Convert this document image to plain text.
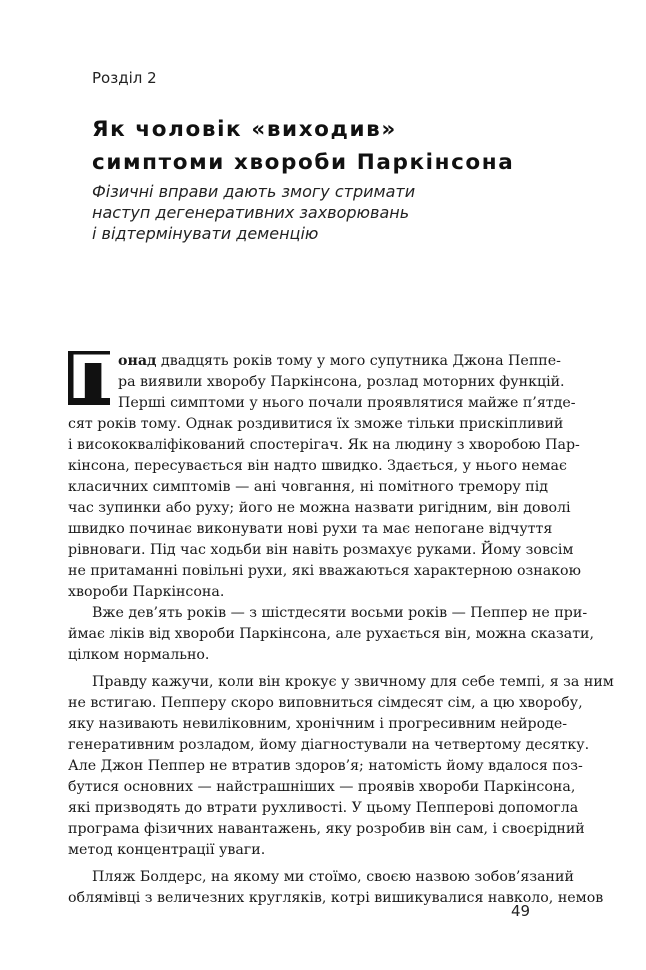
Розділ 2
Як чоловік «виходив»
симптоми хвороби Паркінсона
Фізичні вправи дають змогу стримати
наступ дегенеративних захворювань
і відтермінувати деменцію
П онад двадцять років тому у мого супутника Джона Пеппе-
ра виявили хворобу Паркінсона, розлад моторних функцій.
Перші симптоми у нього почали проявлятися майже п’ятде-
сят років тому. Однак роздивитися їх зможе тільки прискіпливий
і висококваліфікований спостерігач. Як на людину з хворобою Пар-
кінсона, пересувається він надто швидко. Здається, у нього немає
класичних симптомів — ані човгання, ні помітного тремору під
час зупинки або руху; його не можна назвати ригідним, він доволі
швидко починає виконувати нові рухи та має непогане відчуття
рівноваги. Під час ходьби він навіть розмахує руками. Йому зовсім
не притаманні повільні рухи, які вважаються характерною ознакою
хвороби Паркінсона.
Вже дев’ять років — з шістдесяти восьми років — Пеппер не при-
ймає ліків від хвороби Паркінсона, але рухається він, можна сказати,
цілком нормально.
Правду кажучи, коли він крокує у звичному для себе темпі, я за ним
не встигаю. Пепперу скоро виповниться сімдесят сім, а цю хворобу,
яку називають невиліковним, хронічним і прогресивним нейроде-
генеративним розладом, йому діагностували на четвертому десятку.
Але Джон Пеппер не втратив здоров’я; натомість йому вдалося поз-
бутися основних — найстрашніших — проявів хвороби Паркінсона,
які призводять до втрати рухливості. У цьому Пепперові допомогла
програма фізичних навантажень, яку розробив він сам, і своєрідний
метод концентрації уваги.
Пляж Болдерс, на якому ми стоїмо, своєю назвою зобов’язаний
облямівці з величезних кругляків, котрі вишикувалися навколо, немов
49
